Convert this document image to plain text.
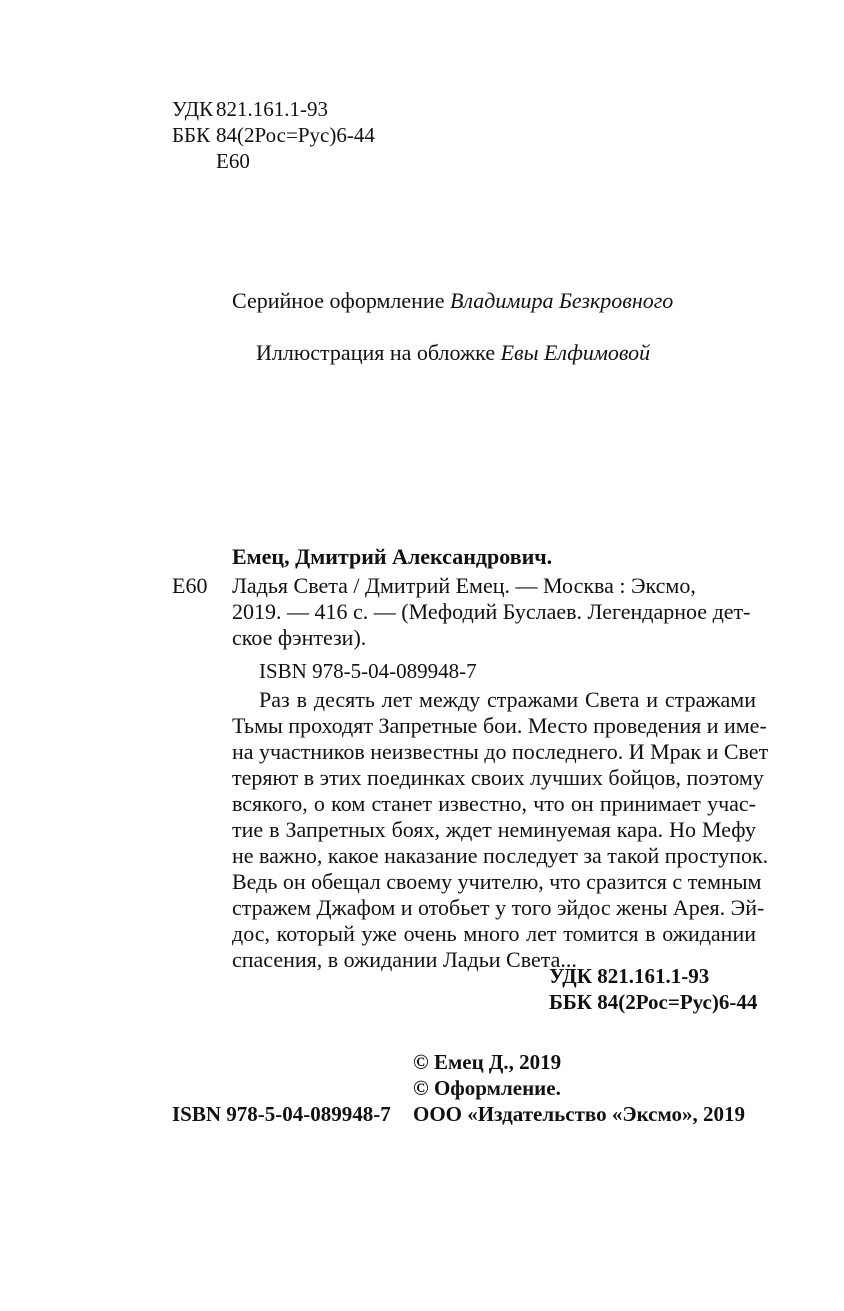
УДК 821.161.1-93
ББК 84(2Рос=Рус)6-44
Е60
Серийное оформление Владимира Безкровного
Иллюстрация на обложке Евы Елфимовой
Емец, Дмитрий Александрович.
Е60 Ладья Света / Дмитрий Емец. — Москва : Эксмо,
2019. — 416 с. — (Мефодий Буслаев. Легендарное дет-
ское фэнтези).
ISBN 978-5-04-089948-7
Раз в десять лет между стражами Света и стражами
Тьмы проходят Запретные бои. Место проведения и име-
на участников неизвестны до последнего. И Мрак и Свет
теряют в этих поединках своих лучших бойцов, поэтому
всякого, о ком станет известно, что он принимает учас-
тие в Запретных боях, ждет неминуемая кара. Но Мефу
не важно, какое наказание последует за такой проступок.
Ведь он обещал своему учителю, что сразится с темным
стражем Джафом и отобьет у того эйдос жены Арея. Эй-
дос, который уже очень много лет томится в ожидании
спасения, в ожидании Ладьи Света...
УДК 821.161.1-93
ББК 84(2Рос=Рус)6-44
© Емец Д., 2019
© Оформление.
ООО «Издательство «Эксмо», 2019
ISBN 978-5-04-089948-7
